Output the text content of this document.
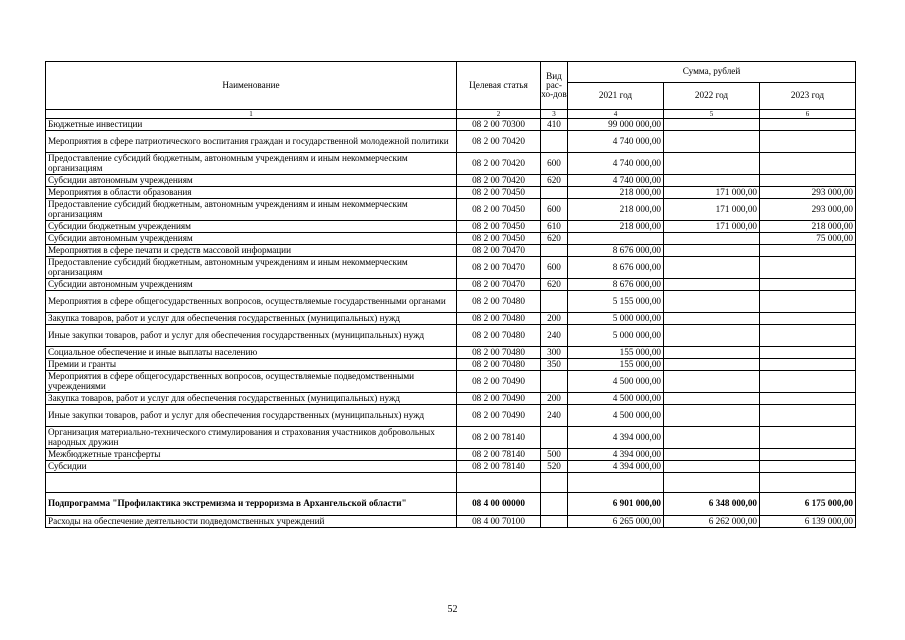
Наименование	Целевая статья	Вид рас-хо-дов	Сумма, рублей		
			2021 год	2022 год	2023 год
1	2	3	4	5	6
Бюджетные инвестиции	08 2 00 70300	410	99 000 000,00		
Мероприятия в сфере патриотического воспитания граждан и государственной молодежной политики	08 2 00 70420		4 740 000,00		
Предоставление субсидий бюджетным, автономным учреждениям и иным некоммерческим организациям	08 2 00 70420	600	4 740 000,00		
Субсидии автономным учреждениям	08 2 00 70420	620	4 740 000,00		
Мероприятия в области образования	08 2 00 70450		218 000,00	171 000,00	293 000,00
Предоставление субсидий бюджетным, автономным учреждениям и иным некоммерческим организациям	08 2 00 70450	600	218 000,00	171 000,00	293 000,00
Субсидии бюджетным учреждениям	08 2 00 70450	610	218 000,00	171 000,00	218 000,00
Субсидии автономным учреждениям	08 2 00 70450	620			75 000,00
Мероприятия в сфере печати и средств массовой информации	08 2 00 70470		8 676 000,00		
Предоставление субсидий бюджетным, автономным учреждениям и иным некоммерческим организациям	08 2 00 70470	600	8 676 000,00		
Субсидии автономным учреждениям	08 2 00 70470	620	8 676 000,00		
Мероприятия в сфере общегосударственных вопросов, осуществляемые государственными органами	08 2 00 70480		5 155 000,00		
Закупка товаров, работ и услуг для обеспечения государственных (муниципальных) нужд	08 2 00 70480	200	5 000 000,00		
Иные закупки товаров, работ и услуг для обеспечения государственных (муниципальных) нужд	08 2 00 70480	240	5 000 000,00		
Социальное обеспечение и иные выплаты населению	08 2 00 70480	300	155 000,00		
Премии и гранты	08 2 00 70480	350	155 000,00		
Мероприятия в сфере общегосударственных вопросов, осуществляемые подведомственными учреждениями	08 2 00 70490		4 500 000,00		
Закупка товаров, работ и услуг для обеспечения государственных (муниципальных) нужд	08 2 00 70490	200	4 500 000,00		
Иные закупки товаров, работ и услуг для обеспечения государственных (муниципальных) нужд	08 2 00 70490	240	4 500 000,00		
Организация материально-технического стимулирования и страхования участников добровольных народных дружин	08 2 00 78140		4 394 000,00		
Межбюджетные трансферты	08 2 00 78140	500	4 394 000,00		
Субсидии	08 2 00 78140	520	4 394 000,00		

Подпрограмма "Профилактика экстремизма и терроризма в Архангельской области"	08 4 00 00000		6 901 000,00	6 348 000,00	6 175 000,00
Расходы на обеспечение деятельности подведомственных учреждений	08 4 00 70100		6 265 000,00	6 262 000,00	6 139 000,00
52
